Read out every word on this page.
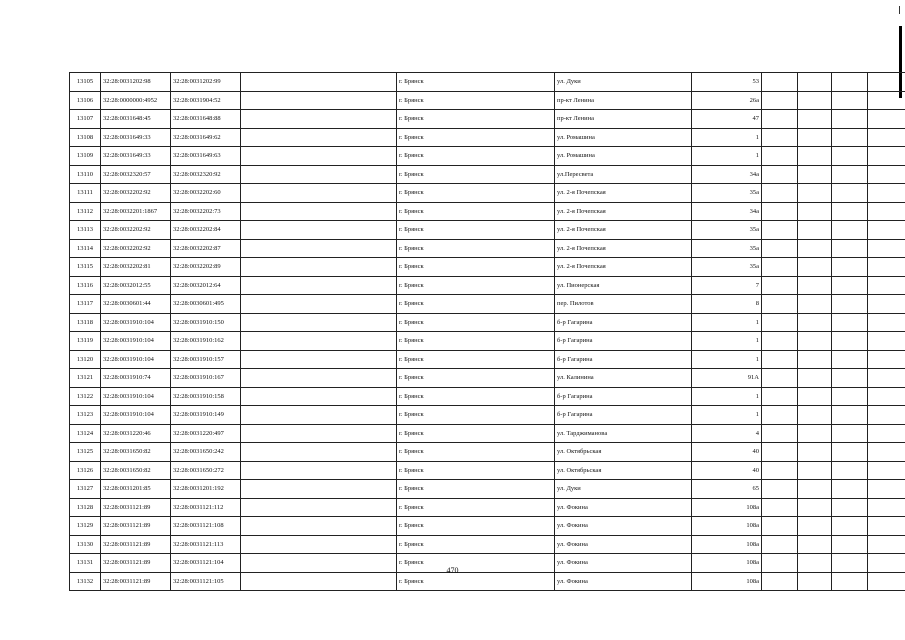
13105	32:28:0031202:98	32:28:0031202:99		г. Брянск	ул. Дуки	53				
13106	32:28:0000000:4952	32:28:0031904:52		г. Брянск	пр-кт Ленина	26а				
13107	32:28:0031648:45	32:28:0031648:88		г. Брянск	пр-кт Ленина	47				
13108	32:28:0031649:33	32:28:0031649:62		г. Брянск	ул. Ромашина	1				
13109	32:28:0031649:33	32:28:0031649:63		г. Брянск	ул. Ромашина	1				
13110	32:28:0032320:57	32:28:0032320:92		г. Брянск	ул.Пересвета	34а				
13111	32:28:0032202:92	32:28:0032202:60		г. Брянск	ул. 2-я Почепская	35а				
13112	32:28:0032201:1867	32:28:0032202:73		г. Брянск	ул. 2-я Почепская	34а				
13113	32:28:0032202:92	32:28:0032202:84		г. Брянск	ул. 2-я Почепская	35а				
13114	32:28:0032202:92	32:28:0032202:87		г. Брянск	ул. 2-я Почепская	35а				
13115	32:28:0032202:81	32:28:0032202:89		г. Брянск	ул. 2-я Почепская	35а				
13116	32:28:0032012:55	32:28:0032012:64		г. Брянск	ул. Пионерская	7				
13117	32:28:0030601:44	32:28:0030601:495		г. Брянск	пер. Пилотов	8				
13118	32:28:0031910:104	32:28:0031910:150		г. Брянск	б-р Гагарина	1				
13119	32:28:0031910:104	32:28:0031910:162		г. Брянск	б-р Гагарина	1				
13120	32:28:0031910:104	32:28:0031910:157		г. Брянск	б-р Гагарина	1				
13121	32:28:0031910:74	32:28:0031910:167		г. Брянск	ул. Калинина	91А				
13122	32:28:0031910:104	32:28:0031910:158		г. Брянск	б-р Гагарина	1				
13123	32:28:0031910:104	32:28:0031910:149		г. Брянск	б-р Гагарина	1				
13124	32:28:0031220:46	32:28:0031220:497		г. Брянск	ул. Тарджимановa	4				
13125	32:28:0031650:82	32:28:0031650:242		г. Брянск	ул. Октябрьская	40				
13126	32:28:0031650:82	32:28:0031650:272		г. Брянск	ул. Октябрьская	40				
13127	32:28:0031201:85	32:28:0031201:192		г. Брянск	ул. Дуки	65				
13128	32:28:0031121:89	32:28:0031121:112		г. Брянск	ул. Фокина	108а				
13129	32:28:0031121:89	32:28:0031121:108		г. Брянск	ул. Фокина	108а				
13130	32:28:0031121:89	32:28:0031121:113		г. Брянск	ул. Фокина	108а				
13131	32:28:0031121:89	32:28:0031121:104		г. Брянск	ул. Фокина	108а				
13132	32:28:0031121:89	32:28:0031121:105		г. Брянск	ул. Фокина	108а				
470
